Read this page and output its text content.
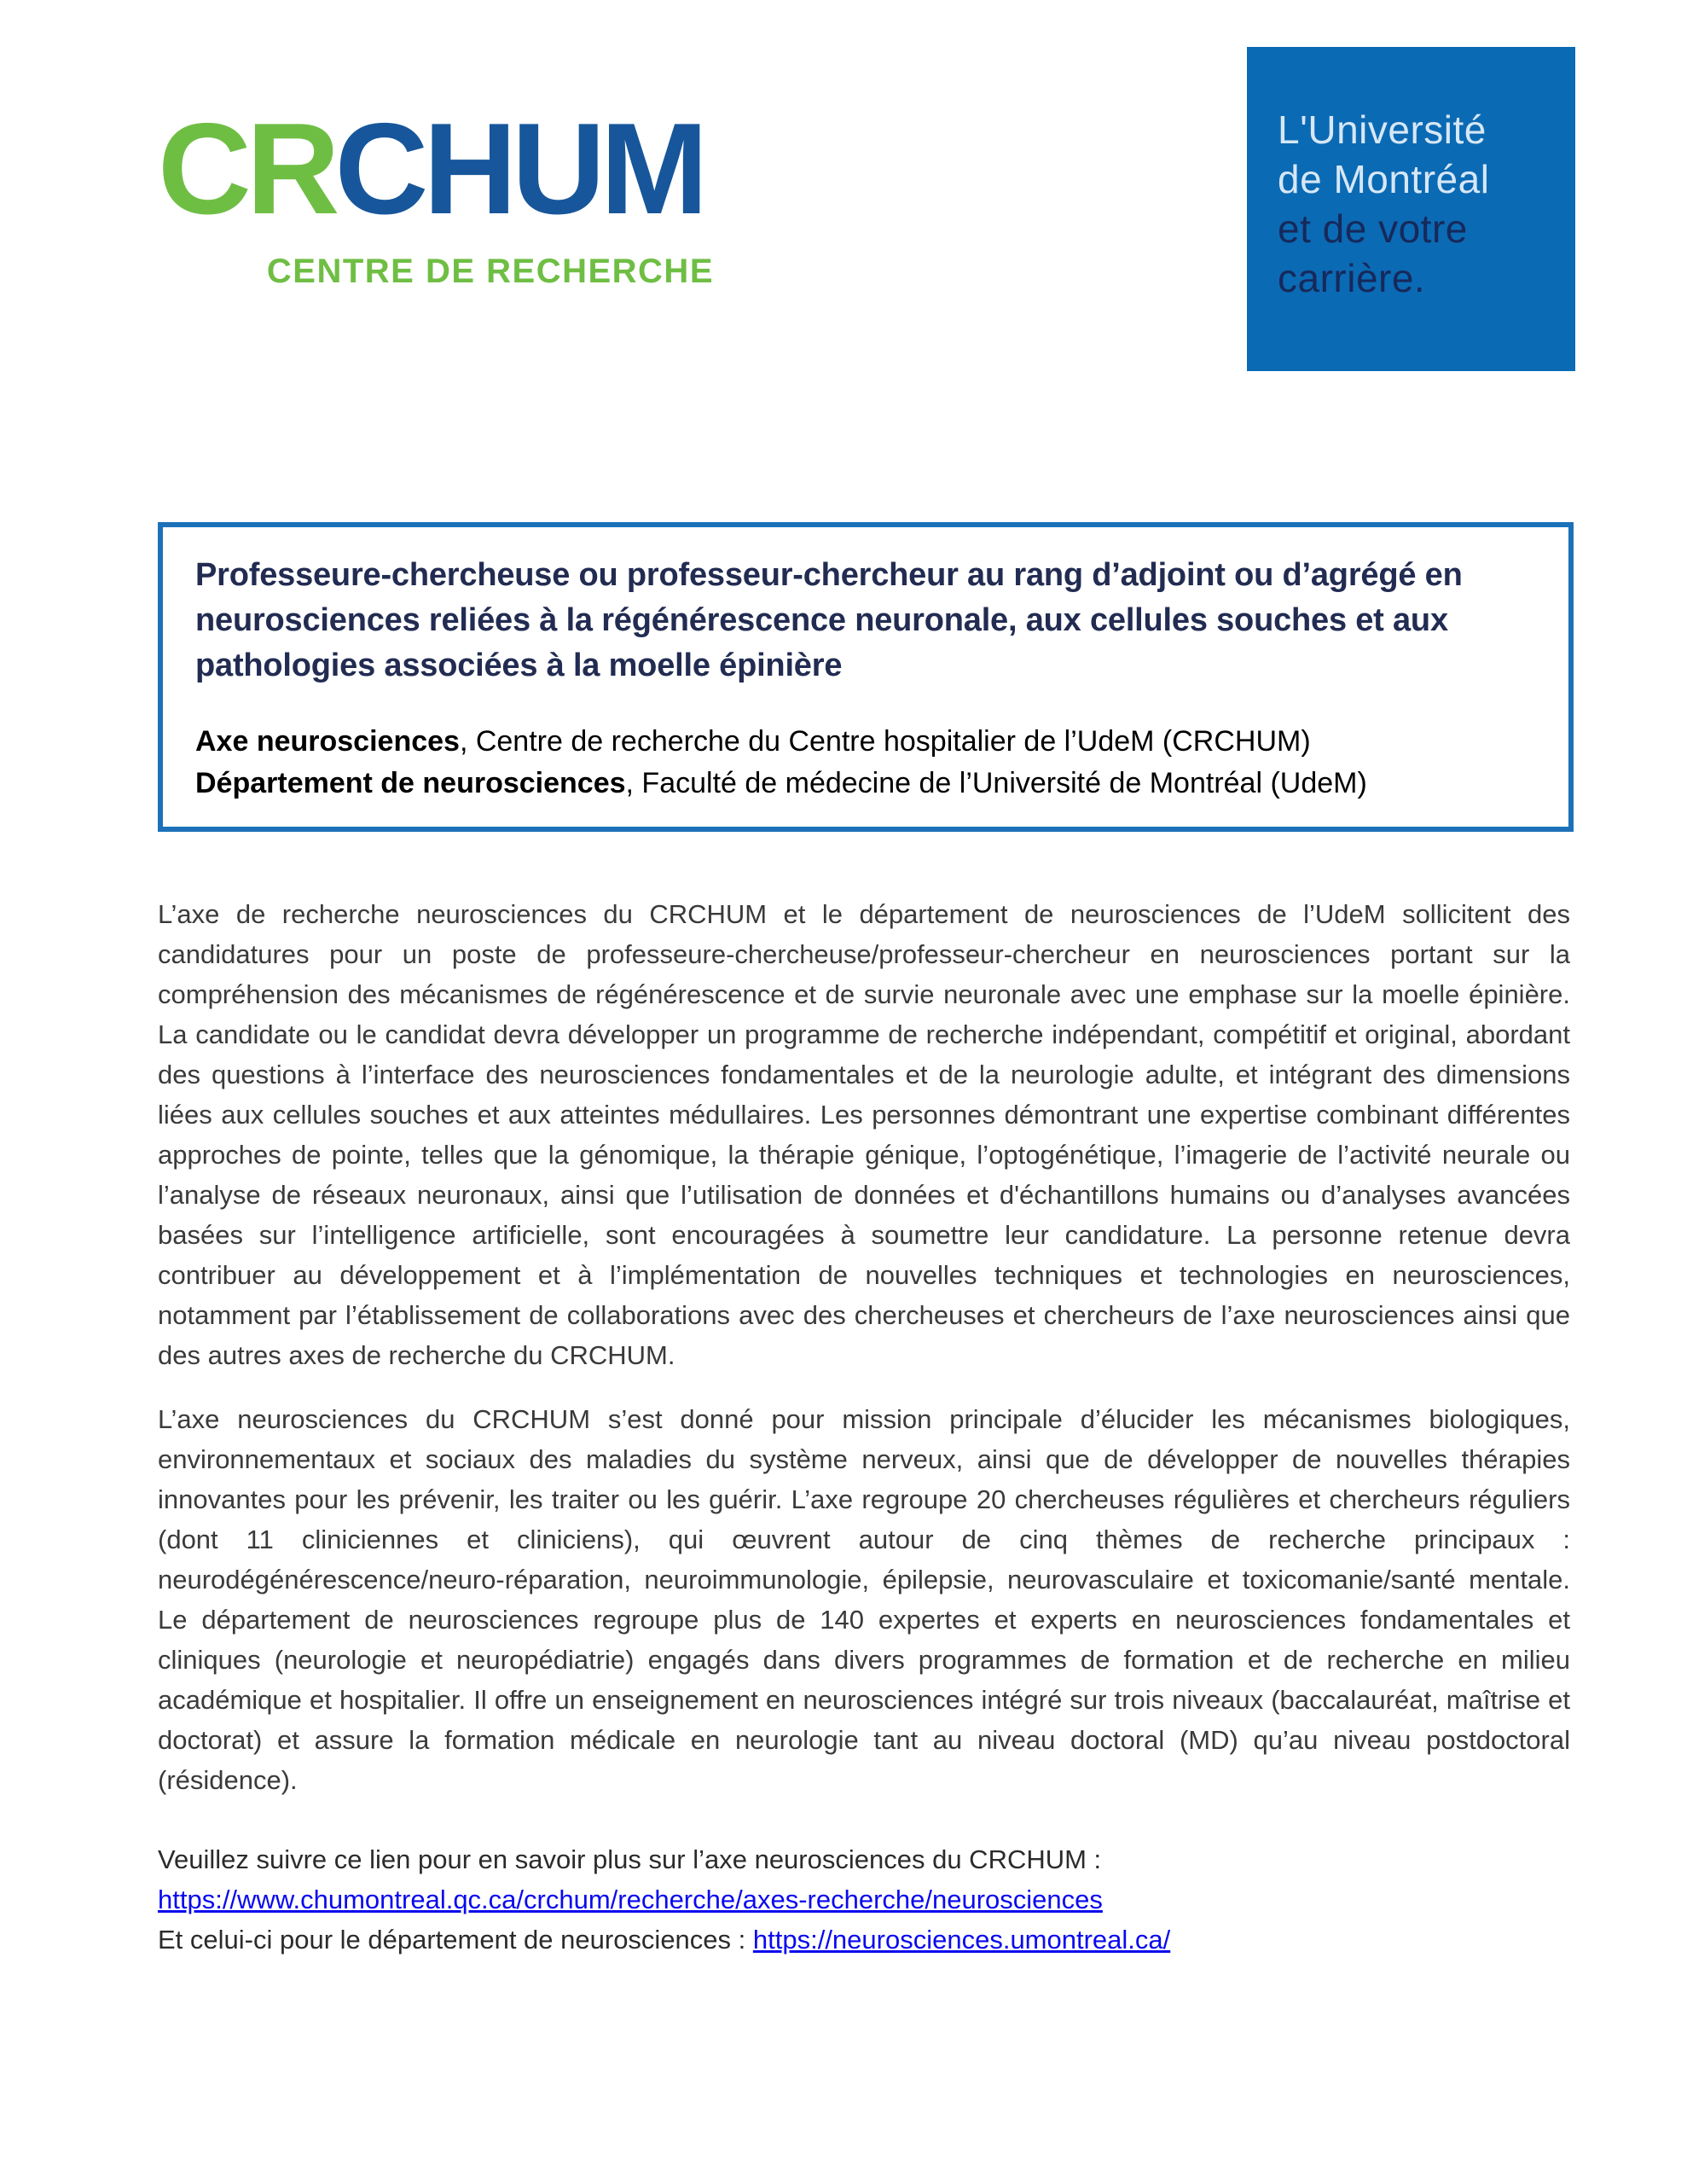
CRCHUM
CENTRE DE RECHERCHE
L'Université
de Montréal
et de votre
carrière.
Professeure-chercheuse ou professeur-chercheur au rang d’adjoint ou d’agrégé en neurosciences reliées à la régénérescence neuronale, aux cellules souches et aux pathologies associées à la moelle épinière
Axe neurosciences, Centre de recherche du Centre hospitalier de l’UdeM (CRCHUM)
Département de neurosciences, Faculté de médecine de l’Université de Montréal (UdeM)

L’axe de recherche neurosciences du CRCHUM et le département de neurosciences de l’UdeM sollicitent des candidatures pour un poste de professeure-chercheuse/professeur-chercheur en neurosciences portant sur la compréhension des mécanismes de régénérescence et de survie neuronale avec une emphase sur la moelle épinière. La candidate ou le candidat devra développer un programme de recherche indépendant, compétitif et original, abordant des questions à l’interface des neurosciences fondamentales et de la neurologie adulte, et intégrant des dimensions liées aux cellules souches et aux atteintes médullaires. Les personnes démontrant une expertise combinant différentes approches de pointe, telles que la génomique, la thérapie génique, l’optogénétique, l’imagerie de l’activité neurale ou l’analyse de réseaux neuronaux, ainsi que l’utilisation de données et d'échantillons humains ou d’analyses avancées basées sur l’intelligence artificielle, sont encouragées à soumettre leur candidature. La personne retenue devra contribuer au développement et à l’implémentation de nouvelles techniques et technologies en neurosciences, notamment par l’établissement de collaborations avec des chercheuses et chercheurs de l’axe neurosciences ainsi que des autres axes de recherche du CRCHUM.

L’axe neurosciences du CRCHUM s’est donné pour mission principale d’élucider les mécanismes biologiques, environnementaux et sociaux des maladies du système nerveux, ainsi que de développer de nouvelles thérapies innovantes pour les prévenir, les traiter ou les guérir. L’axe regroupe 20 chercheuses régulières et chercheurs réguliers (dont 11 cliniciennes et cliniciens), qui œuvrent autour de cinq thèmes de recherche principaux : neurodégénérescence/neuro-réparation, neuroimmunologie, épilepsie, neurovasculaire et toxicomanie/santé mentale. Le département de neurosciences regroupe plus de 140 expertes et experts en neurosciences fondamentales et cliniques (neurologie et neuropédiatrie) engagés dans divers programmes de formation et de recherche en milieu académique et hospitalier. Il offre un enseignement en neurosciences intégré sur trois niveaux (baccalauréat, maîtrise et doctorat) et assure la formation médicale en neurologie tant au niveau doctoral (MD) qu’au niveau postdoctoral (résidence).

Veuillez suivre ce lien pour en savoir plus sur l’axe neurosciences du CRCHUM :
https://www.chumontreal.qc.ca/crchum/recherche/axes-recherche/neurosciences
Et celui-ci pour le département de neurosciences : https://neurosciences.umontreal.ca/
